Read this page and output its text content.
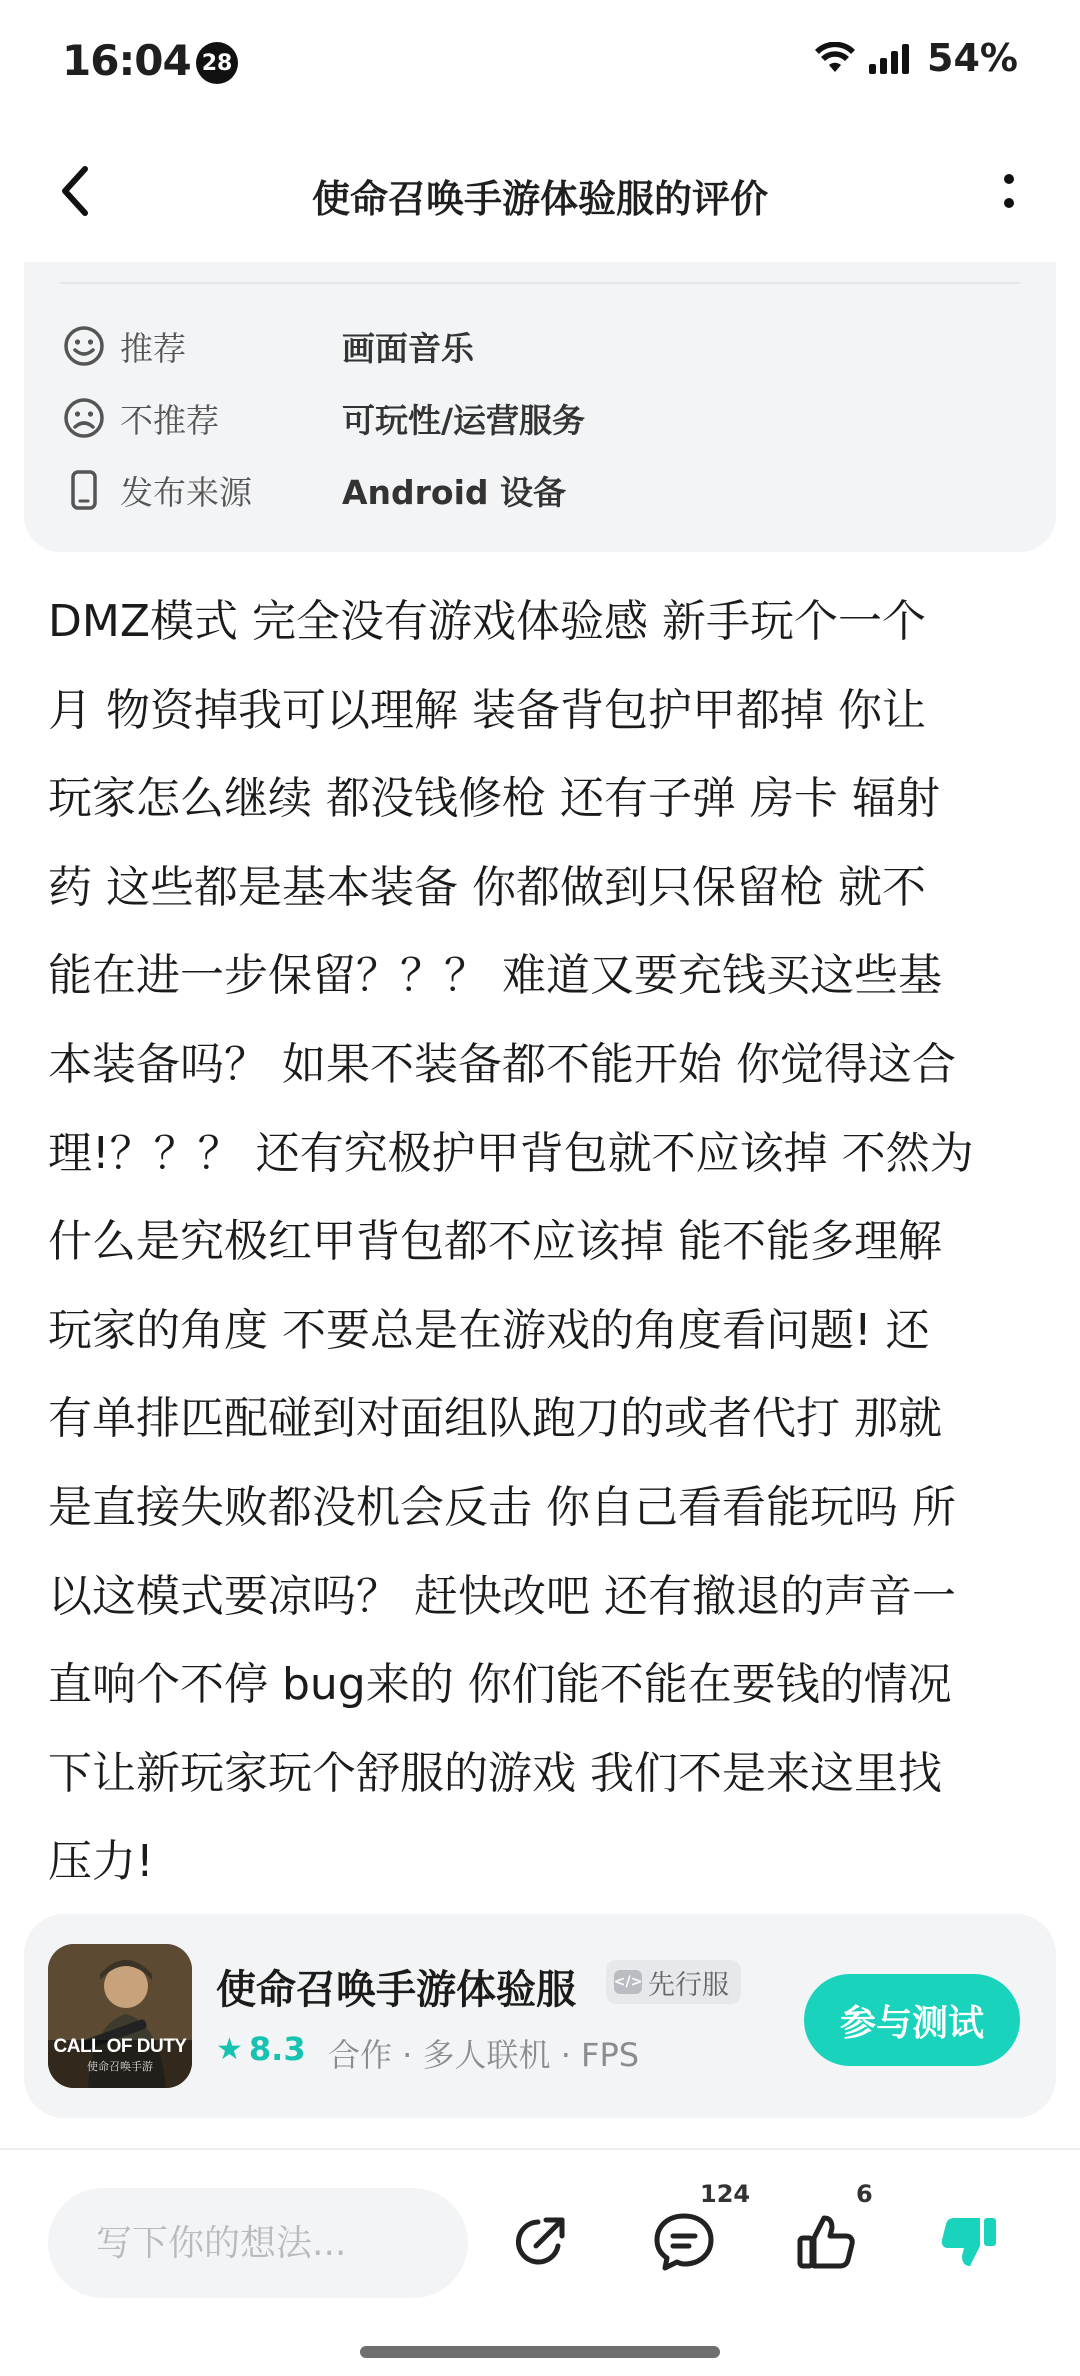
16:04 28	54%
使命召唤手游体验服的评价
推荐	画面音乐
不推荐	可玩性/运营服务
发布来源	Android 设备
DMZ模式 完全没有游戏体验感 新手玩个一个
月 物资掉我可以理解 装备背包护甲都掉 你让
玩家怎么继续 都没钱修枪 还有子弹 房卡 辐射
药 这些都是基本装备 你都做到只保留枪 就不
能在进一步保留？？？ 难道又要充钱买这些基
本装备吗？ 如果不装备都不能开始 你觉得这合
理!？？？ 还有究极护甲背包就不应该掉 不然为
什么是究极红甲背包都不应该掉 能不能多理解
玩家的角度 不要总是在游戏的角度看问题! 还
有单排匹配碰到对面组队跑刀的或者代打 那就
是直接失败都没机会反击 你自己看看能玩吗 所
以这模式要凉吗？ 赶快改吧 还有撤退的声音一
直响个不停 bug来的 你们能不能在要钱的情况
下让新玩家玩个舒服的游戏 我们不是来这里找
压力!
CALL OF DUTY
使命召唤手游
使命召唤手游体验服	</> 先行服
★ 8.3 合作 · 多人联机 · FPS
参与测试
写下你的想法...
124	6
